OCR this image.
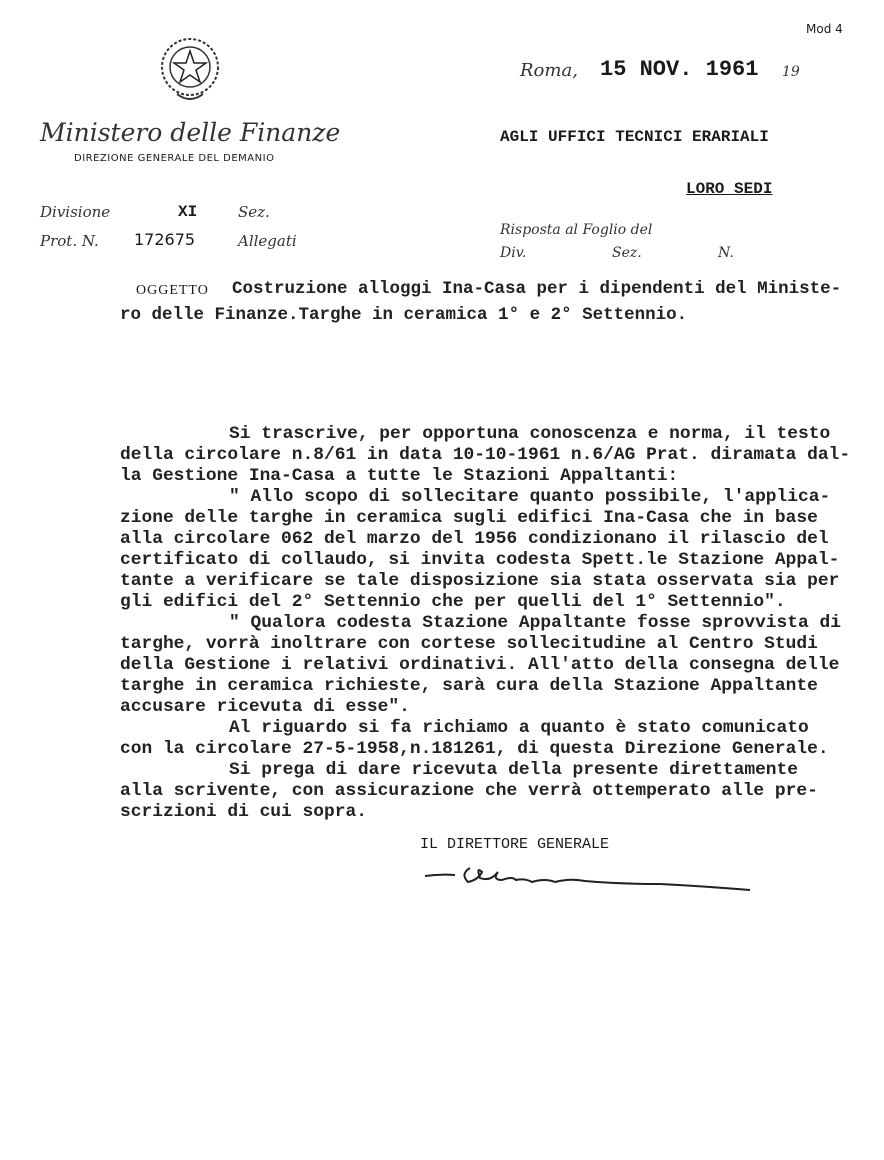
Mod 4
Ministero delle Finanze
DIREZIONE GENERALE DEL DEMANIO
Divisione	XI	Sez.
Prot. N. 172675	Allegati
Roma, 15 NOV. 1961 19
AGLI UFFICI TECNICI ERARIALI
LORO SEDI
Risposta al Foglio del
Div.	Sez.	N.
OGGETTO Costruzione alloggi Ina-Casa per i dipendenti del Ministe-
ro delle Finanze.Targhe in ceramica 1° e 2° Settennio.
Si trascrive, per opportuna conoscenza e norma, il testo
della circolare n.8/61 in data 10-10-1961 n.6/AG Prat. diramata dal-
la Gestione Ina-Casa a tutte le Stazioni Appaltanti:
" Allo scopo di sollecitare quanto possibile, l'applica-
zione delle targhe in ceramica sugli edifici Ina-Casa che in base
alla circolare 062 del marzo del 1956 condizionano il rilascio del
certificato di collaudo, si invita codesta Spett.le Stazione Appal-
tante a verificare se tale disposizione sia stata osservata sia per
gli edifici del 2° Settennio che per quelli del 1° Settennio".
" Qualora codesta Stazione Appaltante fosse sprovvista di
targhe, vorrà inoltrare con cortese sollecitudine al Centro Studi
della Gestione i relativi ordinativi. All'atto della consegna delle
targhe in ceramica richieste, sarà cura della Stazione Appaltante
accusare ricevuta di esse".
Al riguardo si fa richiamo a quanto è stato comunicato
con la circolare 27-5-1958,n.181261, di questa Direzione Generale.
Si prega di dare ricevuta della presente direttamente
alla scrivente, con assicurazione che verrà ottemperato alle pre-
scrizioni di cui sopra.
IL DIRETTORE GENERALE
